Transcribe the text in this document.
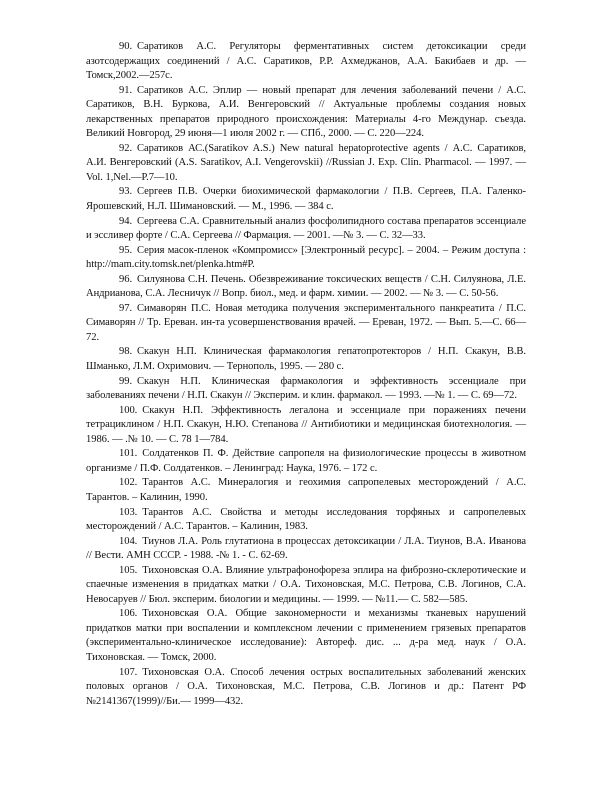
90. Саратиков А.С. Регуляторы ферментативных систем детоксикации среди азотсодержащих соединений / А.С. Саратиков, Р.Р. Ахмеджанов, А.А. Бакибаев и др. — Томск,2002.—257с.

91. Саратиков А.С. Эплир — новый препарат для лечения заболеваний печени / А.С. Саратиков, В.Н. Буркова, А.И. Венгеровский // Актуальные проблемы создания новых лекарственных препаратов природного происхождения: Материалы 4-го Междунар. съезда. Великий Новгород, 29 июня—1 июля 2002 г. — СПб., 2000. — С. 220—224.

92. Саратиков АС.(Saratikov A.S.) New natural hepatoprotective agents / А.С. Саратиков, А.И. Венгеровский (A.S. Saratikov, A.I. Vengerovskii) //Russian J. Exp. Clin. Pharmacol. — 1997. — Vol. 1,Nel.—P.7—10.

93. Сергеев П.В. Очерки биохимической фармакологии / П.В. Сергеев, П.А. Галенко-Ярошевский, Н.Л. Шимановский. — М., 1996. — 384 с.

94. Сергеева С.А. Сравнительный анализ фосфолипидного состава препаратов эссенциале и эссливер форте / С.А. Сергеева // Фармация. — 2001. —№ 3. — С. 32—33.

95. Серия масок-пленок «Компромисс» [Электронный ресурс]. – 2004. – Режим доступа : http://mam.city.tomsk.net/plenka.htm#P.

96. Силуянова С.Н. Печень. Обезвреживание токсических веществ / С.Н. Силуянова, Л.Е. Андрианова, С.А. Лесничук // Вопр. биол., мед. и фарм. химии. — 2002. — № 3. — С. 50-56.

97. Симаворян П.С. Новая методика получения экспериментального панкреатита / П.С. Симаворян // Тр. Ереван. ин-та усовершенствования врачей. — Ереван, 1972. — Вып. 5.—С. 66—72.

98. Скакун Н.П. Клиническая фармакология гепатопротекторов / Н.П. Скакун, В.В. Шманько, Л.М. Охримович. — Тернополь, 1995. — 280 с.

99. Скакун Н.П. Клиническая фармакология и эффективность эссенциале при заболеваниях печени / Н.П. Скакун // Эксперим. и клин. фармакол. — 1993. —№ 1. — С. 69—72.

100. Скакун Н.П. Эффективность легалона и эссенциале при поражениях печени тетрациклином / Н.П. Скакун, Н.Ю. Степанова // Антибиотики и медицинская биотехнология. — 1986. — .№ 10. — С. 78 1—784.

101. Солдатенков П. Ф. Действие сапропеля на физиологические процессы в животном организме / П.Ф. Солдатенков. – Ленинград: Наука, 1976. – 172 с.

102. Тарантов А.С. Минералогия и геохимия сапропелевых месторождений / А.С. Тарантов. – Калинин, 1990.

103. Тарантов А.С. Свойства и методы исследования торфяных и сапропелевых месторождений / А.С. Тарантов. – Калинин, 1983.

104. Тиунов Л.А. Роль глутатиона в процессах детоксикации / Л.А. Тиунов, В.А. Иванова // Вести. АМН СССР. - 1988. -№ 1. - С. 62-69.

105. Тихоновская О.А. Влияние ультрафонофореза эплира на фиброзно-склеротические и спаечные изменения в придатках матки / О.А. Тихоновская, М.С. Петрова, С.В. Логинов, С.А. Невосаруев // Бюл. эксперим. биологии и медицины. — 1999. — №11.— С. 582—585.

106. Тихоновская О.А. Общие закономерности и механизмы тканевых нарушений придатков матки при воспалении и комплексном лечении с применением грязевых препаратов (экспериментально-клиническое исследование): Автореф. дис. ... д-ра мед. наук / О.А. Тихоновская. — Томск, 2000.

107. Тихоновская О.А. Способ лечения острых воспалительных заболеваний женских половых органов / О.А. Тихоновская, М.С. Петрова, С.В. Логинов и др.: Патент РФ №2141367(1999)//Би.— 1999—432.
